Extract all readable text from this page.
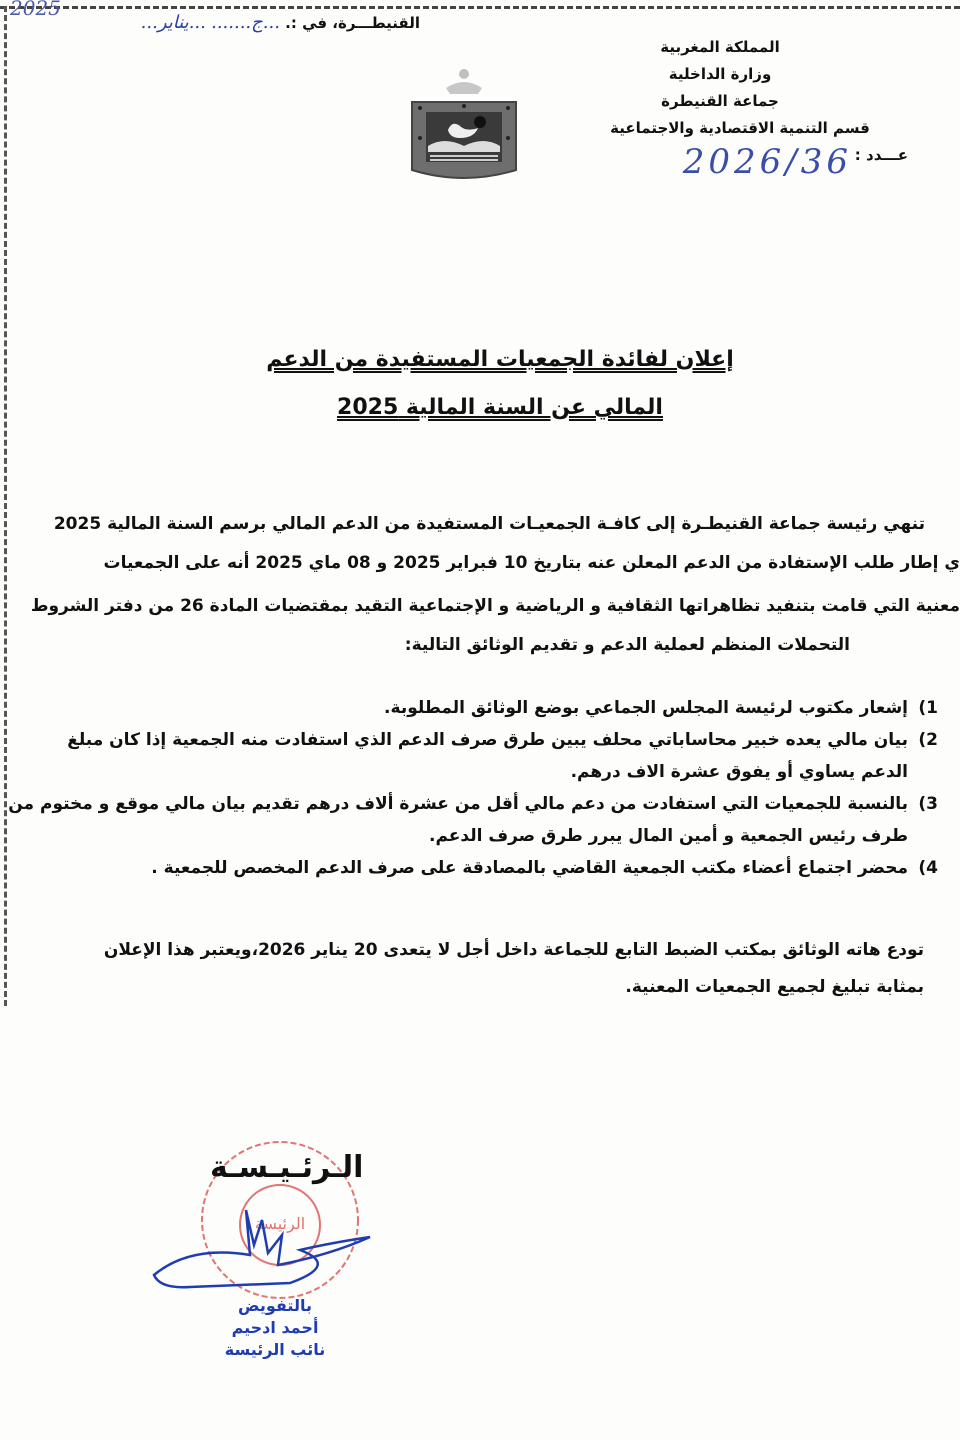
2025
القنيطـــرة، في :. ...ج....... ...يناير...
المملكة المغربية
وزارة الداخلية
جماعة القنيطرة
قسم التنمية الاقتصادية والاجتماعية
عـــدد :
2026/36
إعلان لفائدة الجمعيات المستفيدة من الدعم
المالي عن السنة المالية 2025
تنهي رئيسة جماعة القنيطـرة إلى كافـة الجمعيـات المستفيدة من الدعم المالي برسم السنة المالية 2025
ي إطار طلب الإستفادة من الدعم المعلن عنه بتاريخ 10 فبراير 2025 و 08 ماي 2025 أنه على الجمعيات
معنية التي قامت بتنفيد تظاهراتها الثقافية و الرياضية و الإجتماعية التقيد بمقتضيات المادة 26 من دفتر الشروط
التحملات المنظم لعملية الدعم و تقديم الوثائق التالية:
1)
إشعار مكتوب لرئيسة المجلس الجماعي بوضع الوثائق المطلوبة.
2)
بيان مالي يعده خبير محاساباتي محلف يبين طرق صرف الدعم الذي استفادت منه الجمعية إذا كان مبلغ
الدعم يساوي أو يفوق عشرة الاف درهم.
3)
بالنسبة للجمعيات التي استفادت من دعم مالي أقل من عشرة ألاف درهم تقديم بيان مالي موقع و مختوم من
طرف رئيس الجمعية و أمين المال يبرر طرق صرف الدعم.
4)
محضر اجتماع أعضاء مكتب الجمعية القاضي بالمصادقة على صرف الدعم المخصص للجمعية .
تودع هاته الوثائق بمكتب الضبط التابع للجماعة داخل أجل لا يتعدى 20 يناير 2026،ويعتبر هذا الإعلان
بمثابة تبليغ لجميع الجمعيات المعنية.
الرئيسة
الـرئـيـسـة
بالتفويض
أحمد ادحيم
نائب الرئيسة
